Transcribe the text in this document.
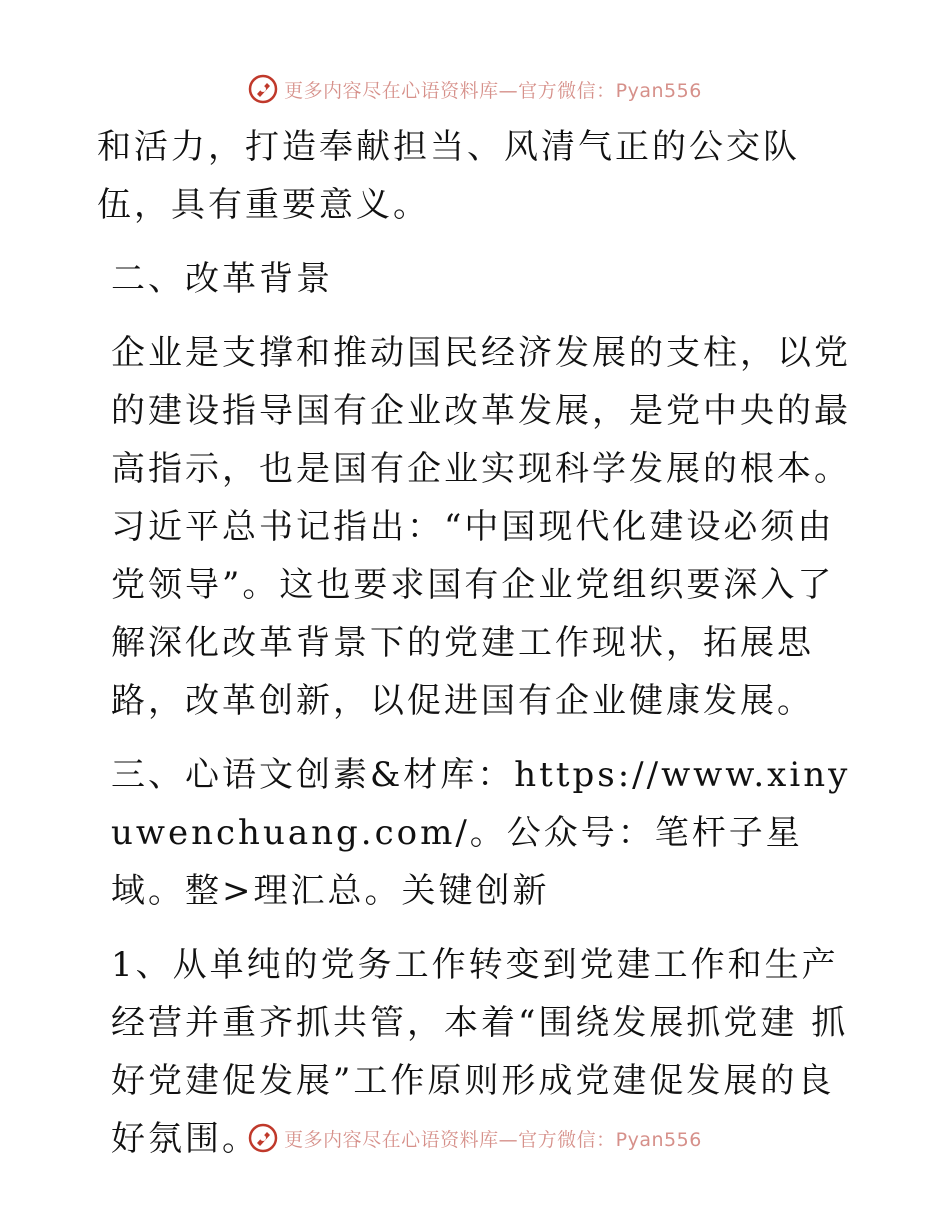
更多内容尽在心语资料库—官方微信：Pyan556

和活力，打造奉献担当、风清气正的公交队伍，具有重要意义。

二、改革背景

企业是支撑和推动国民经济发展的支柱，以党的建设指导国有企业改革发展，是党中央的最高指示，也是国有企业实现科学发展的根本。习近平总书记指出：“中国现代化建设必须由党领导”。这也要求国有企业党组织要深入了解深化改革背景下的党建工作现状，拓展思路，改革创新，以促进国有企业健康发展。

三、心语文创素&材库：https://www.xinyuwenchuang.com/。公众号：笔杆子星域。整>理汇总。关键创新

1、从单纯的党务工作转变到党建工作和生产经营并重齐抓共管，本着“围绕发展抓党建 抓好党建促发展”工作原则形成党建促发展的良好氛围。	更多内容尽在心语资料库—官方微信：Pyan556
